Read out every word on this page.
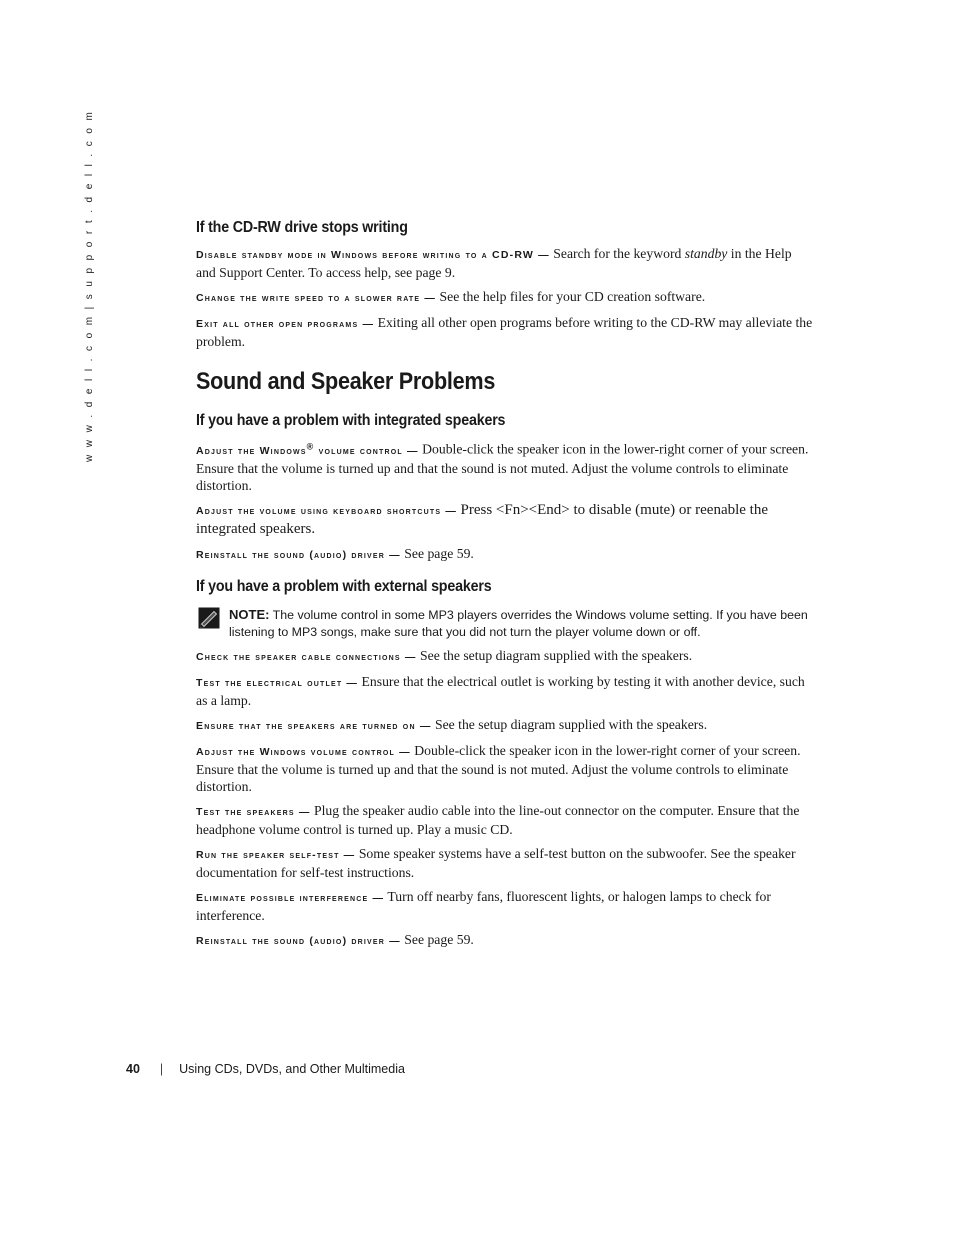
w w w . d e l l . c o m | s u p p o r t . d e l l . c o m	If the CD-RW drive stops writing

Disable standby mode in Windows before writing to a CD-RW — Search for the keyword standby in the Help and Support Center. To access help, see page 9.

Change the write speed to a slower rate — See the help files for your CD creation software.

Exit all other open programs — Exiting all other open programs before writing to the CD-RW may alleviate the problem.

Sound and Speaker Problems
If you have a problem with integrated speakers

Adjust the Windows® volume control — Double-click the speaker icon in the lower-right corner of your screen. Ensure that the volume is turned up and that the sound is not muted. Adjust the volume controls to eliminate distortion.

Adjust the volume using keyboard shortcuts — Press <Fn><End> to disable (mute) or reenable the integrated speakers.

Reinstall the sound (audio) driver — See page 59.

If you have a problem with external speakers
NOTE: The volume control in some MP3 players overrides the Windows volume setting. If you have been listening to MP3 songs, make sure that you did not turn the player volume down or off.

Check the speaker cable connections — See the setup diagram supplied with the speakers.

Test the electrical outlet — Ensure that the electrical outlet is working by testing it with another device, such as a lamp.

Ensure that the speakers are turned on — See the setup diagram supplied with the speakers.

Adjust the Windows volume control — Double-click the speaker icon in the lower-right corner of your screen. Ensure that the volume is turned up and that the sound is not muted. Adjust the volume controls to eliminate distortion.

Test the speakers — Plug the speaker audio cable into the line-out connector on the computer. Ensure that the headphone volume control is turned up. Play a music CD.

Run the speaker self-test — Some speaker systems have a self-test button on the subwoofer. See the speaker documentation for self-test instructions.

Eliminate possible interference — Turn off nearby fans, fluorescent lights, or halogen lamps to check for interference.

Reinstall the sound (audio) driver — See page 59.

40 | Using CDs, DVDs, and Other Multimedia
